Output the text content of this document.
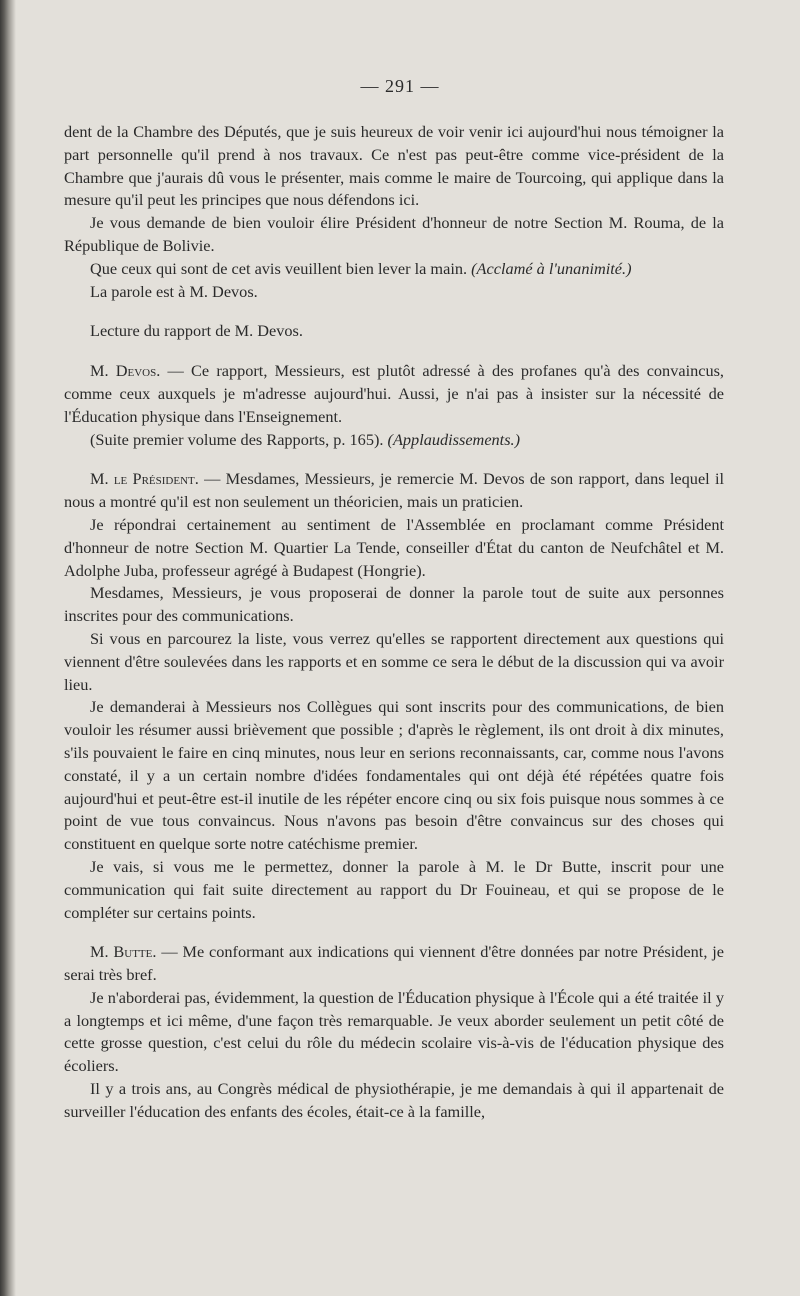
— 291 —

dent de la Chambre des Députés, que je suis heureux de voir venir ici aujourd'hui nous témoigner la part personnelle qu'il prend à nos travaux. Ce n'est pas peut-être comme vice-président de la Chambre que j'aurais dû vous le présenter, mais comme le maire de Tourcoing, qui applique dans la mesure qu'il peut les principes que nous défendons ici.

Je vous demande de bien vouloir élire Président d'honneur de notre Section M. Rouma, de la République de Bolivie.

Que ceux qui sont de cet avis veuillent bien lever la main. (Acclamé à l'unanimité.)

La parole est à M. Devos.

Lecture du rapport de M. Devos.

M. Devos. — Ce rapport, Messieurs, est plutôt adressé à des profanes qu'à des convaincus, comme ceux auxquels je m'adresse aujourd'hui. Aussi, je n'ai pas à insister sur la nécessité de l'Éducation physique dans l'Enseignement.

(Suite premier volume des Rapports, p. 165). (Applaudissements.)

M. le Président. — Mesdames, Messieurs, je remercie M. Devos de son rapport, dans lequel il nous a montré qu'il est non seulement un théoricien, mais un praticien.

Je répondrai certainement au sentiment de l'Assemblée en proclamant comme Président d'honneur de notre Section M. Quartier La Tende, conseiller d'État du canton de Neufchâtel et M. Adolphe Juba, professeur agrégé à Budapest (Hongrie).

Mesdames, Messieurs, je vous proposerai de donner la parole tout de suite aux personnes inscrites pour des communications.

Si vous en parcourez la liste, vous verrez qu'elles se rapportent directement aux questions qui viennent d'être soulevées dans les rapports et en somme ce sera le début de la discussion qui va avoir lieu.

Je demanderai à Messieurs nos Collègues qui sont inscrits pour des communications, de bien vouloir les résumer aussi brièvement que possible ; d'après le règlement, ils ont droit à dix minutes, s'ils pouvaient le faire en cinq minutes, nous leur en serions reconnaissants, car, comme nous l'avons constaté, il y a un certain nombre d'idées fondamentales qui ont déjà été répétées quatre fois aujourd'hui et peut-être est-il inutile de les répéter encore cinq ou six fois puisque nous sommes à ce point de vue tous convaincus. Nous n'avons pas besoin d'être convaincus sur des choses qui constituent en quelque sorte notre catéchisme premier.

Je vais, si vous me le permettez, donner la parole à M. le Dr Butte, inscrit pour une communication qui fait suite directement au rapport du Dr Fouineau, et qui se propose de le compléter sur certains points.

M. Butte. — Me conformant aux indications qui viennent d'être données par notre Président, je serai très bref.

Je n'aborderai pas, évidemment, la question de l'Éducation physique à l'École qui a été traitée il y a longtemps et ici même, d'une façon très remarquable. Je veux aborder seulement un petit côté de cette grosse question, c'est celui du rôle du médecin scolaire vis-à-vis de l'éducation physique des écoliers.

Il y a trois ans, au Congrès médical de physiothérapie, je me demandais à qui il appartenait de surveiller l'éducation des enfants des écoles, était-ce à la famille,
